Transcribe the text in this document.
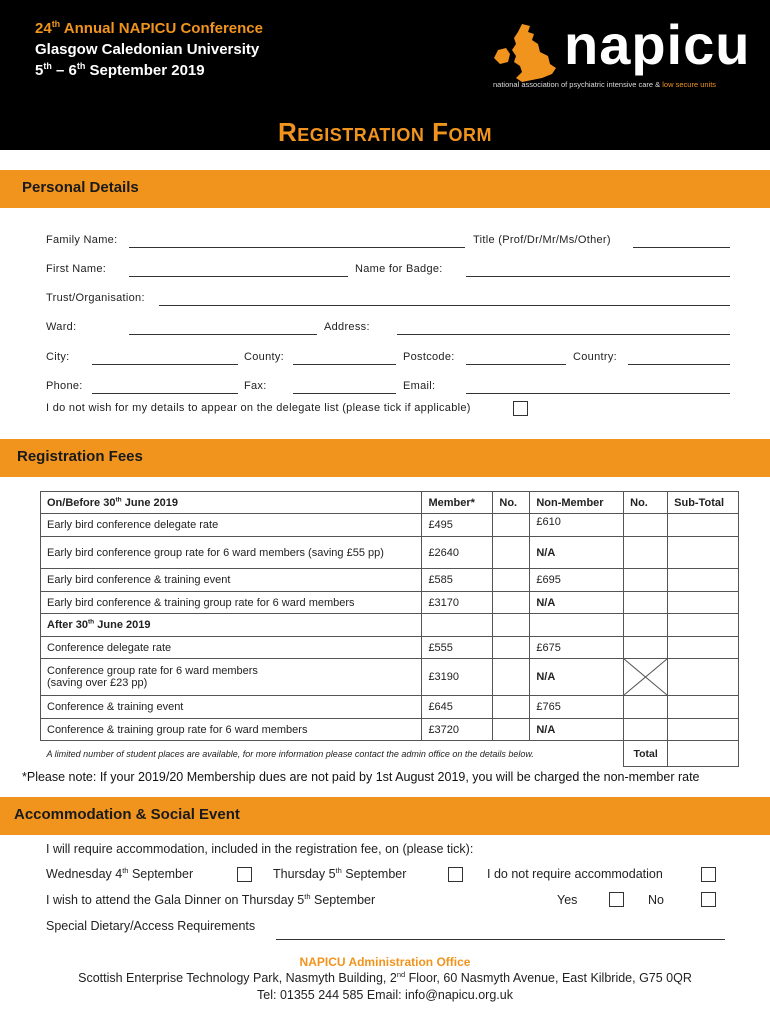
24th Annual NAPICU Conference
Glasgow Caledonian University
5th – 6th September 2019	napicu
national association of psychiatric intensive care & low secure units
Registration Form
Personal Details
Family Name:	Title (Prof/Dr/Mr/Ms/Other)
First Name:	Name for Badge:
Trust/Organisation:
Ward:	Address:
City:	County:	Postcode:	Country:
Phone:	Fax:	Email:
I do not wish for my details to appear on the delegate list (please tick if applicable)
Registration Fees
On/Before 30th June 2019	Member*	No.	Non-Member	No.	Sub-Total
Early bird conference delegate rate	£495		£610		
Early bird conference group rate for 6 ward members (saving £55 pp)	£2640		N/A		
Early bird conference & training event	£585		£695		
Early bird conference & training group rate for 6 ward members	£3170		N/A		
After 30th June 2019					
Conference delegate rate	£555		£675		

Conference group rate for 6 ward members
(saving over £23 pp)	£3190		N/A	

Conference & training event	£645		£765		
Conference & training group rate for 6 ward members	£3720		N/A		
A limited number of student places are available, for more information please contact the admin office on the details below.				Total	
*Please note: If your 2019/20 Membership dues are not paid by 1st August 2019, you will be charged the non-member rate
Accommodation & Social Event
I will require accommodation, included in the registration fee, on (please tick):
Wednesday 4th September	Thursday 5th September	I do not require accommodation
I wish to attend the Gala Dinner on Thursday 5th September	Yes	No
Special Dietary/Access Requirements
NAPICU Administration Office
Scottish Enterprise Technology Park, Nasmyth Building, 2nd Floor, 60 Nasmyth Avenue, East Kilbride, G75 0QR
Tel: 01355 244 585 Email: info@napicu.org.uk
